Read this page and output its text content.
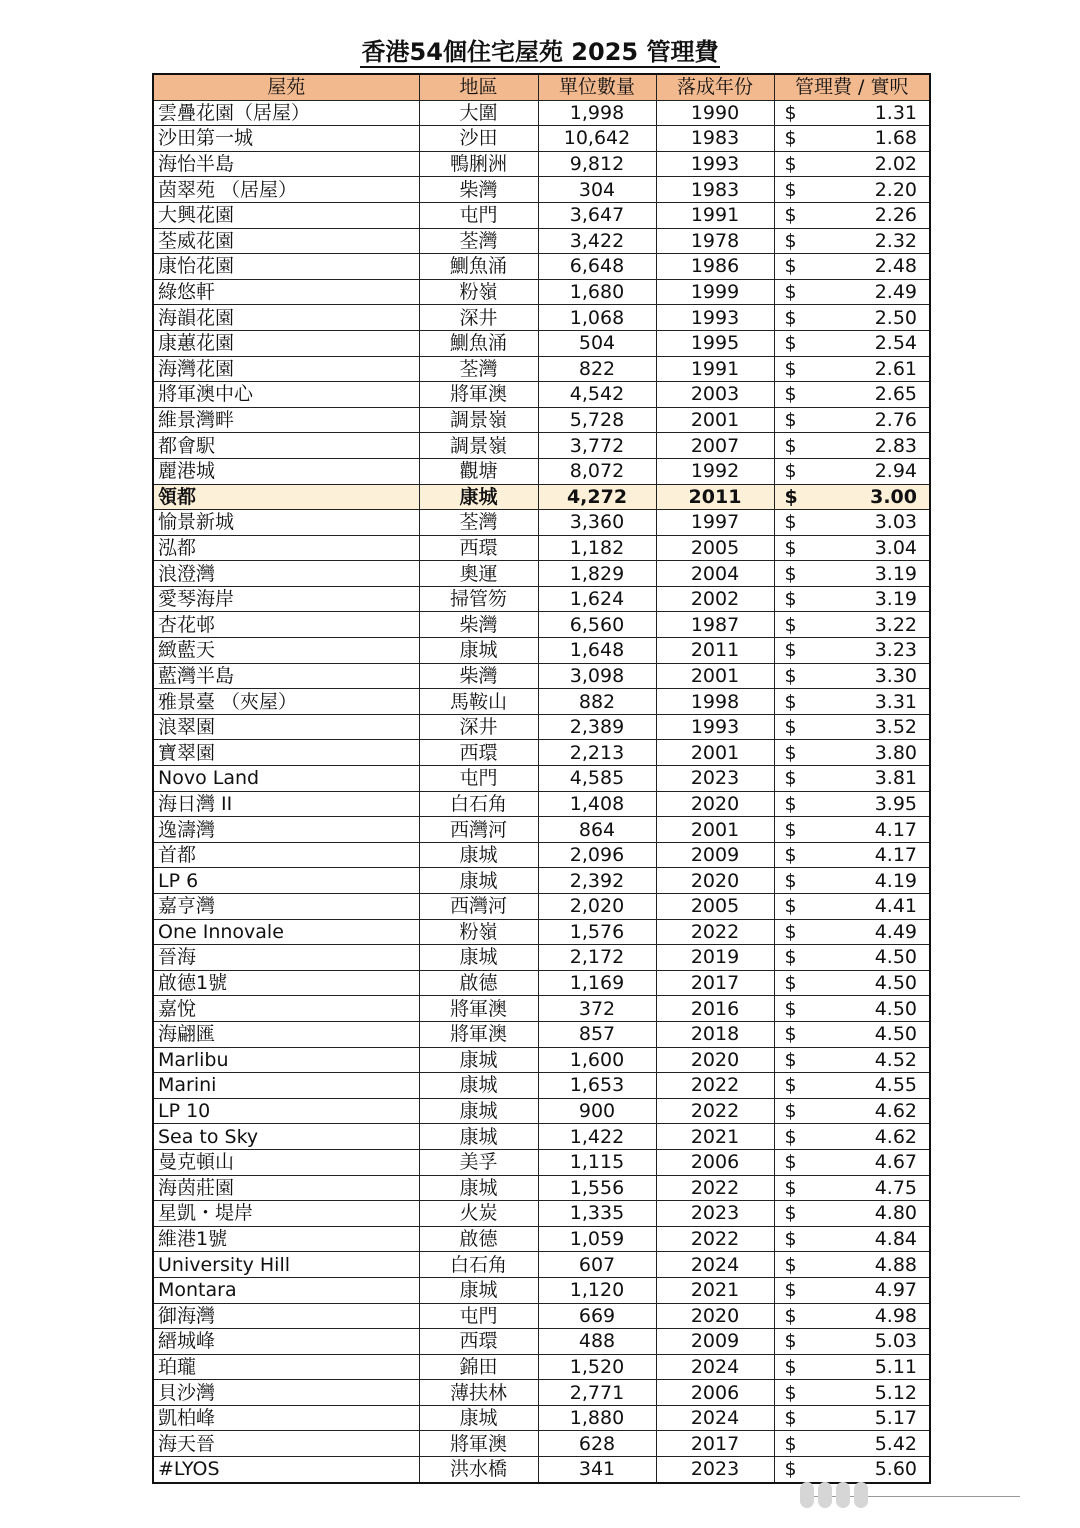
香港54個住宅屋苑 2025 管理費
屋苑	地區	單位數量	落成年份	管理費 / 實呎
雲疊花園（居屋）	大圍	1,998	1990	$ 1.31

沙田第一城	沙田	10,642	1983	$ 1.68

海怡半島	鴨脷洲	9,812	1993	$ 2.02

茵翠苑 （居屋）	柴灣	304	1983	$ 2.20

大興花園	屯門	3,647	1991	$ 2.26

荃威花園	荃灣	3,422	1978	$ 2.32

康怡花園	鰂魚涌	6,648	1986	$ 2.48

綠悠軒	粉嶺	1,680	1999	$ 2.49

海韻花園	深井	1,068	1993	$ 2.50

康蕙花園	鰂魚涌	504	1995	$ 2.54

海灣花園	荃灣	822	1991	$ 2.61

將軍澳中心	將軍澳	4,542	2003	$ 2.65

維景灣畔	調景嶺	5,728	2001	$ 2.76

都會駅	調景嶺	3,772	2007	$ 2.83

麗港城	觀塘	8,072	1992	$ 2.94

領都	康城	4,272	2011	$ 3.00

愉景新城	荃灣	3,360	1997	$ 3.03

泓都	西環	1,182	2005	$ 3.04

浪澄灣	奧運	1,829	2004	$ 3.19

愛琴海岸	掃管笏	1,624	2002	$ 3.19

杏花邨	柴灣	6,560	1987	$ 3.22

緻藍天	康城	1,648	2011	$ 3.23

藍灣半島	柴灣	3,098	2001	$ 3.30

雅景臺 （夾屋）	馬鞍山	882	1998	$ 3.31

浪翠園	深井	2,389	1993	$ 3.52

寶翠園	西環	2,213	2001	$ 3.80

Novo Land	屯門	4,585	2023	$ 3.81

海日灣 II	白石角	1,408	2020	$ 3.95

逸濤灣	西灣河	864	2001	$ 4.17

首都	康城	2,096	2009	$ 4.17

LP 6	康城	2,392	2020	$ 4.19

嘉亨灣	西灣河	2,020	2005	$ 4.41

One Innovale	粉嶺	1,576	2022	$ 4.49

晉海	康城	2,172	2019	$ 4.50

啟德1號	啟德	1,169	2017	$ 4.50

嘉悅	將軍澳	372	2016	$ 4.50

海翩匯	將軍澳	857	2018	$ 4.50

Marlibu	康城	1,600	2020	$ 4.52

Marini	康城	1,653	2022	$ 4.55

LP 10	康城	900	2022	$ 4.62

Sea to Sky	康城	1,422	2021	$ 4.62

曼克頓山	美孚	1,115	2006	$ 4.67

海茵莊園	康城	1,556	2022	$ 4.75

星凱・堤岸	火炭	1,335	2023	$ 4.80

維港1號	啟德	1,059	2022	$ 4.84

University Hill	白石角	607	2024	$ 4.88

Montara	康城	1,120	2021	$ 4.97

御海灣	屯門	669	2020	$ 4.98

縉城峰	西環	488	2009	$ 5.03

珀瓏	錦田	1,520	2024	$ 5.11

貝沙灣	薄扶林	2,771	2006	$ 5.12

凱柏峰	康城	1,880	2024	$ 5.17

海天晉	將軍澳	628	2017	$ 5.42

#LYOS	洪水橋	341	2023	$ 5.60
